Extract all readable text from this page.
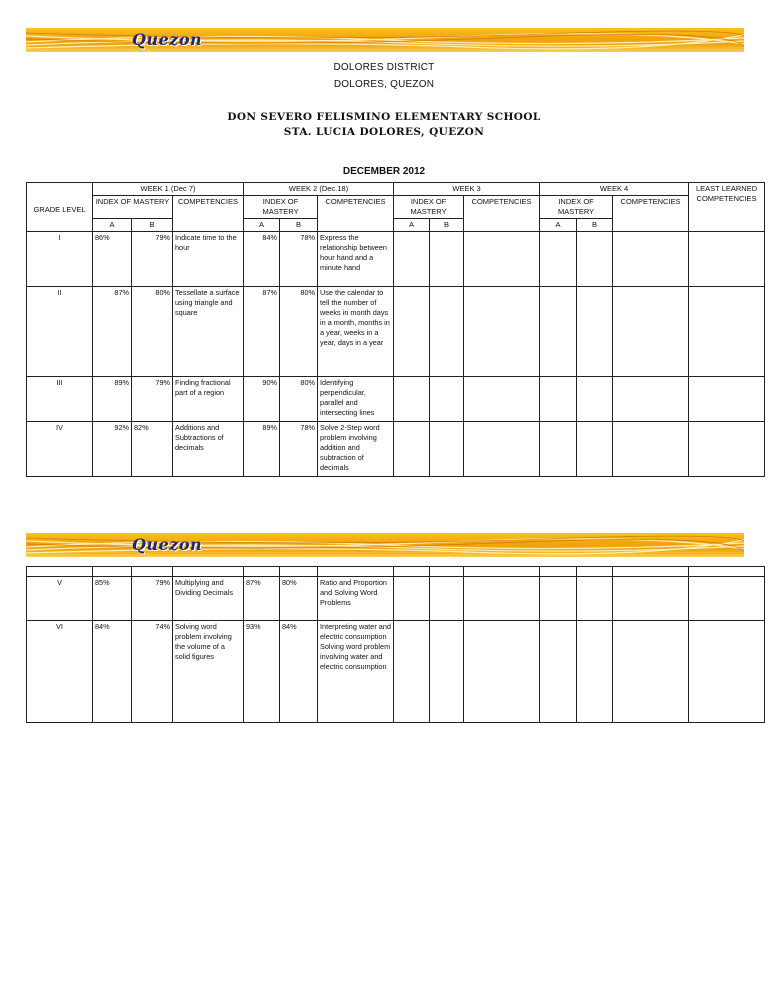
Quezon
DOLORES DISTRICT
DOLORES, QUEZON
DON SEVERO FELISMINO ELEMENTARY SCHOOL
STA. LUCIA DOLORES, QUEZON
DECEMBER 2012
GRADE LEVEL	WEEK 1 (Dec 7)			WEEK 2 (Dec.18)			WEEK 3			WEEK 4			LEAST LEARNED COMPETENCIES
	INDEX OF MASTERY		COMPETENCIES	INDEX OF MASTERY		COMPETENCIES	INDEX OF MASTERY		COMPETENCIES	INDEX OF MASTERY		COMPETENCIES	
	A	B		A	B		A	B		A	B		
I	86%	79%	Indicate time to the hour	84%	78%	Express the relationship between hour hand and a minute hand							
II	87%	80%	Tessellate a surface using triangle and square	87%	80%	Use the calendar to tell the number of weeks in month days in a month, months in a year, weeks in a year, days in a year							
III	89%	79%	Finding fractional part of a region	90%	80%	Identifying perpendicular, parallel and intersecting lines							
IV	92%	82%	Additions and Subtractions of decimals	89%	78%	Solve 2-Step word problem involving addition and subtraction of decimals							
Quezon

V	85%	79%	Multiplying and Dividing Decimals	87%	80%	Ratio and Proportion and Solving Word Problems							
VI	84%	74%	Solving word problem involving the volume of a solid figures	93%	84%	Interpreting water and electric consumption Solving word problem involving water and electric consumption							
